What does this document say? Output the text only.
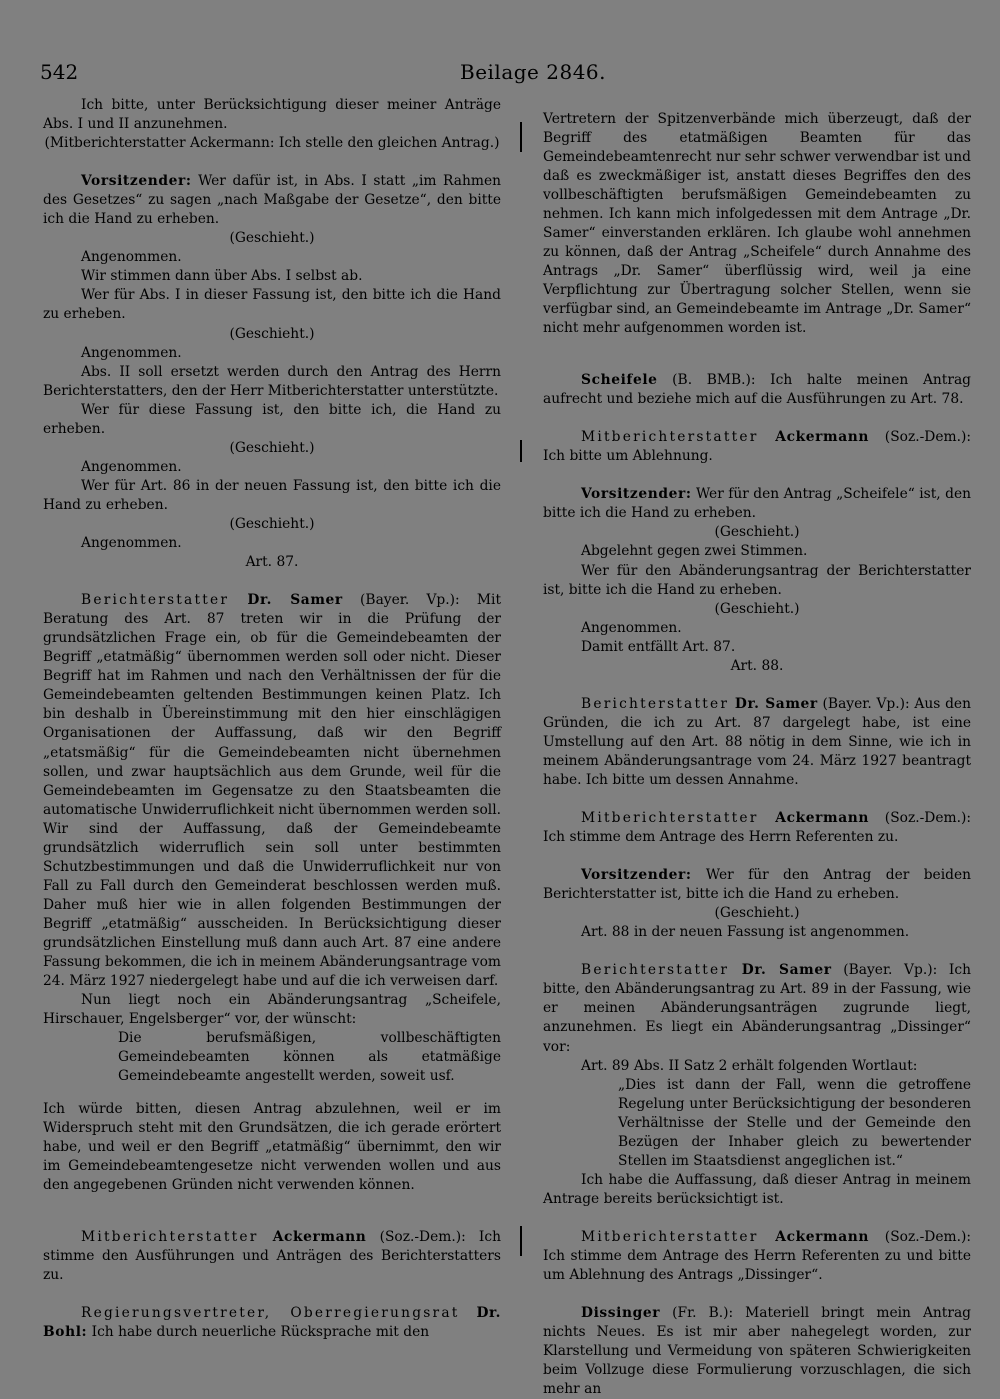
542	Beilage 2846.

Ich bitte, unter Berücksichtigung dieser meiner Anträge Abs. I und II anzunehmen.

(Mitberichterstatter Ackermann: Ich stelle den gleichen Antrag.)

Vorsitzender: Wer dafür ist, in Abs. I statt „im Rahmen des Gesetzes“ zu sagen „nach Maßgabe der Gesetze“, den bitte ich die Hand zu erheben.

(Geschieht.)

Angenommen.

Wir stimmen dann über Abs. I selbst ab.

Wer für Abs. I in dieser Fassung ist, den bitte ich die Hand zu erheben.

(Geschieht.)

Angenommen.

Abs. II soll ersetzt werden durch den Antrag des Herrn Berichterstatters, den der Herr Mitberichterstatter unterstützte.

Wer für diese Fassung ist, den bitte ich, die Hand zu erheben.

(Geschieht.)

Angenommen.

Wer für Art. 86 in der neuen Fassung ist, den bitte ich die Hand zu erheben.

(Geschieht.)

Angenommen.

Art. 87.

Berichterstatter Dr. Samer (Bayer. Vp.): Mit Beratung des Art. 87 treten wir in die Prüfung der grundsätzlichen Frage ein, ob für die Gemeindebeamten der Begriff „etatmäßig“ übernommen werden soll oder nicht. Dieser Begriff hat im Rahmen und nach den Verhältnissen der für die Gemeindebeamten geltenden Bestimmungen keinen Platz. Ich bin deshalb in Übereinstimmung mit den hier einschlägigen Organisationen der Auffassung, daß wir den Begriff „etatsmäßig“ für die Gemeindebeamten nicht übernehmen sollen, und zwar hauptsächlich aus dem Grunde, weil für die Gemeindebeamten im Gegensatze zu den Staatsbeamten die automatische Unwiderruflichkeit nicht übernommen werden soll. Wir sind der Auffassung, daß der Gemeindebeamte grundsätzlich widerruflich sein soll unter bestimmten Schutzbestimmungen und daß die Unwiderruflichkeit nur von Fall zu Fall durch den Gemeinderat beschlossen werden muß. Daher muß hier wie in allen folgenden Bestimmungen der Begriff „etatmäßig“ ausscheiden. In Berücksichtigung dieser grundsätzlichen Einstellung muß dann auch Art. 87 eine andere Fassung bekommen, die ich in meinem Abänderungsantrage vom 24. März 1927 niedergelegt habe und auf die ich verweisen darf.

Nun liegt noch ein Abänderungsantrag „Scheifele, Hirschauer, Engelsberger“ vor, der wünscht:

Die berufsmäßigen, vollbeschäftigten Gemeindebeamten können als etatmäßige Gemeindebeamte angestellt werden, soweit usf.

Ich würde bitten, diesen Antrag abzulehnen, weil er im Widerspruch steht mit den Grundsätzen, die ich gerade erörtert habe, und weil er den Begriff „etatmäßig“ übernimmt, den wir im Gemeindebeamtengesetze nicht verwenden wollen und aus den angegebenen Gründen nicht verwenden können.

Mitberichterstatter Ackermann (Soz.-Dem.): Ich stimme den Ausführungen und Anträgen des Berichterstatters zu.

Regierungsvertreter, Oberregierungsrat Dr. Bohl: Ich habe durch neuerliche Rücksprache mit den

Vertretern der Spitzenverbände mich überzeugt, daß der Begriff des etatmäßigen Beamten für das Gemeindebeamtenrecht nur sehr schwer verwendbar ist und daß es zweckmäßiger ist, anstatt dieses Begriffes den des vollbeschäftigten berufsmäßigen Gemeindebeamten zu nehmen. Ich kann mich infolgedessen mit dem Antrage „Dr. Samer“ einverstanden erklären. Ich glaube wohl annehmen zu können, daß der Antrag „Scheifele“ durch Annahme des Antrags „Dr. Samer“ überflüssig wird, weil ja eine Verpflichtung zur Übertragung solcher Stellen, wenn sie verfügbar sind, an Gemeindebeamte im Antrage „Dr. Samer“ nicht mehr aufgenommen worden ist.

Scheifele (B. BMB.): Ich halte meinen Antrag aufrecht und beziehe mich auf die Ausführungen zu Art. 78.

Mitberichterstatter Ackermann (Soz.-Dem.): Ich bitte um Ablehnung.

Vorsitzender: Wer für den Antrag „Scheifele“ ist, den bitte ich die Hand zu erheben.

(Geschieht.)

Abgelehnt gegen zwei Stimmen.

Wer für den Abänderungsantrag der Berichterstatter ist, bitte ich die Hand zu erheben.

(Geschieht.)

Angenommen.

Damit entfällt Art. 87.

Art. 88.

Berichterstatter Dr. Samer (Bayer. Vp.): Aus den Gründen, die ich zu Art. 87 dargelegt habe, ist eine Umstellung auf den Art. 88 nötig in dem Sinne, wie ich in meinem Abänderungsantrage vom 24. März 1927 beantragt habe. Ich bitte um dessen Annahme.

Mitberichterstatter Ackermann (Soz.-Dem.): Ich stimme dem Antrage des Herrn Referenten zu.

Vorsitzender: Wer für den Antrag der beiden Berichterstatter ist, bitte ich die Hand zu erheben.

(Geschieht.)

Art. 88 in der neuen Fassung ist angenommen.

Berichterstatter Dr. Samer (Bayer. Vp.): Ich bitte, den Abänderungsantrag zu Art. 89 in der Fassung, wie er meinen Abänderungsanträgen zugrunde liegt, anzunehmen. Es liegt ein Abänderungsantrag „Dissinger“ vor:

Art. 89 Abs. II Satz 2 erhält folgenden Wortlaut:

„Dies ist dann der Fall, wenn die getroffene Regelung unter Berücksichtigung der besonderen Verhältnisse der Stelle und der Gemeinde den Bezügen der Inhaber gleich zu bewertender Stellen im Staatsdienst angeglichen ist.“

Ich habe die Auffassung, daß dieser Antrag in meinem Antrage bereits berücksichtigt ist.

Mitberichterstatter Ackermann (Soz.-Dem.): Ich stimme dem Antrage des Herrn Referenten zu und bitte um Ablehnung des Antrags „Dissinger“.

Dissinger (Fr. B.): Materiell bringt mein Antrag nichts Neues. Es ist mir aber nahegelegt worden, zur Klarstellung und Vermeidung von späteren Schwierigkeiten beim Vollzuge diese Formulierung vorzuschlagen, die sich mehr an
